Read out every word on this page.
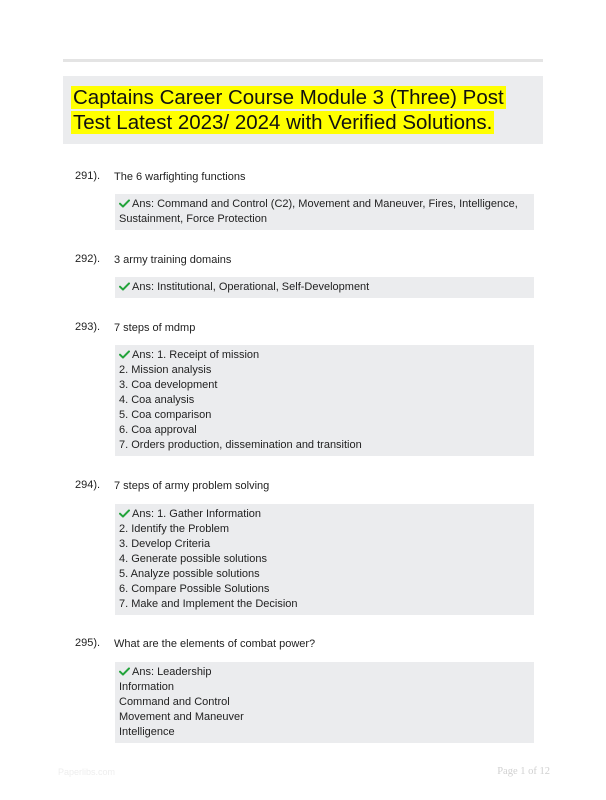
Captains Career Course Module 3 (Three) Post Test Latest 2023/ 2024 with Verified Solutions.
291). The 6 warfighting functions
Ans: Command and Control (C2), Movement and Maneuver, Fires, Intelligence,
Sustainment, Force Protection
292). 3 army training domains
Ans: Institutional, Operational, Self-Development
293). 7 steps of mdmp
Ans: 1. Receipt of mission
2. Mission analysis
3. Coa development
4. Coa analysis
5. Coa comparison
6. Coa approval
7. Orders production, dissemination and transition
294). 7 steps of army problem solving
Ans: 1. Gather Information
2. Identify the Problem
3. Develop Criteria
4. Generate possible solutions
5. Analyze possible solutions
6. Compare Possible Solutions
7. Make and Implement the Decision
295). What are the elements of combat power?
Ans: Leadership
Information
Command and Control
Movement and Maneuver
Intelligence
Paperlibs.com	Page 1 of 12
